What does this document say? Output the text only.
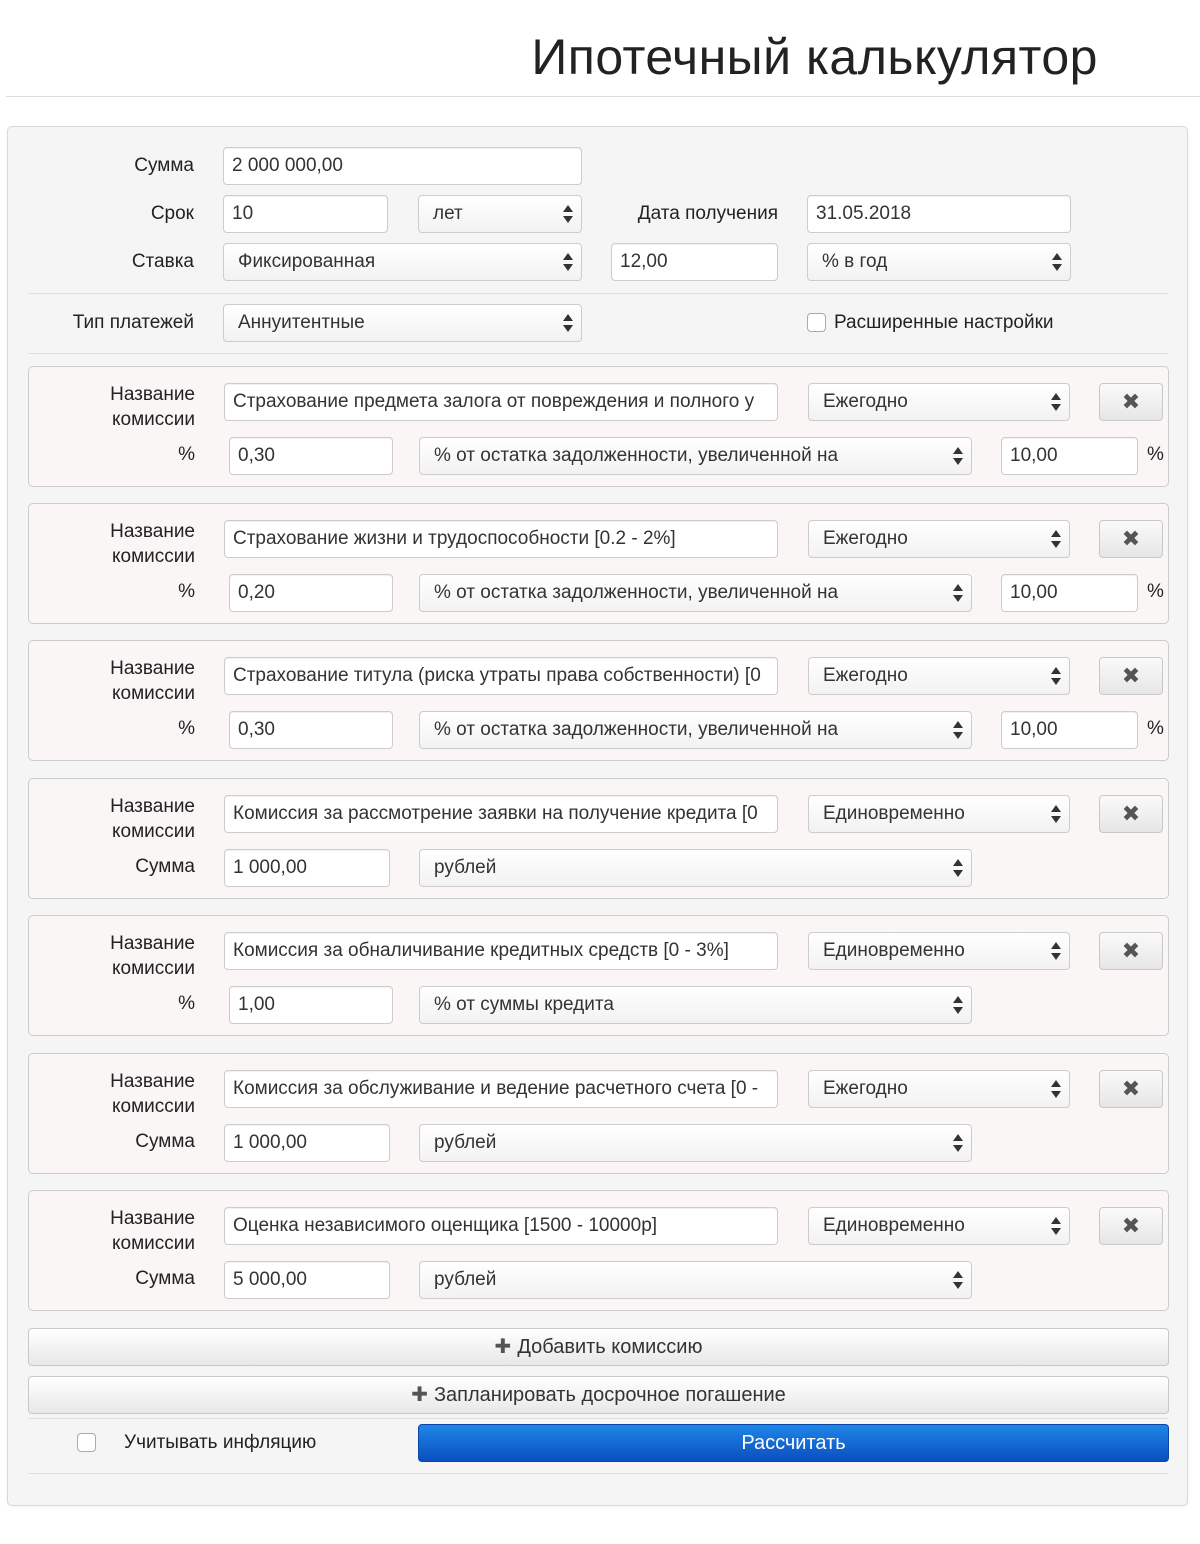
Ипотечный калькулятор
Сумма	2 000 000,00
Срок	10	лет	Дата получения	31.05.2018
Ставка	Фиксированная	12,00	% в год
Тип платежей	Аннуитентные	Расширенные настройки
Название комиссии
Страхование предмета залога от повреждения и полного у	Ежегодно	✖
%	0,30	% от остатка задолженности, увеличенной на	10,00	%
Название комиссии
Страхование жизни и трудоспособности [0.2 - 2%]	Ежегодно	✖
%	0,20	% от остатка задолженности, увеличенной на	10,00	%
Название комиссии
Страхование титула (риска утраты права собственности) [0	Ежегодно	✖
%	0,30	% от остатка задолженности, увеличенной на	10,00	%
Название комиссии
Комиссия за рассмотрение заявки на получение кредита [0	Единовременно	✖
Сумма	1 000,00	рублей
Название комиссии
Комиссия за обналичивание кредитных средств [0 - 3%]	Единовременно	✖
%	1,00	% от суммы кредита
Название комиссии
Комиссия за обслуживание и ведение расчетного счета [0 -	Ежегодно	✖
Сумма	1 000,00	рублей
Название комиссии
Оценка независимого оценщика [1500 - 10000р]	Единовременно	✖
Сумма	5 000,00	рублей
✚ Добавить комиссию
✚ Запланировать досрочное погашение
Учитывать инфляцию	Рассчитать
